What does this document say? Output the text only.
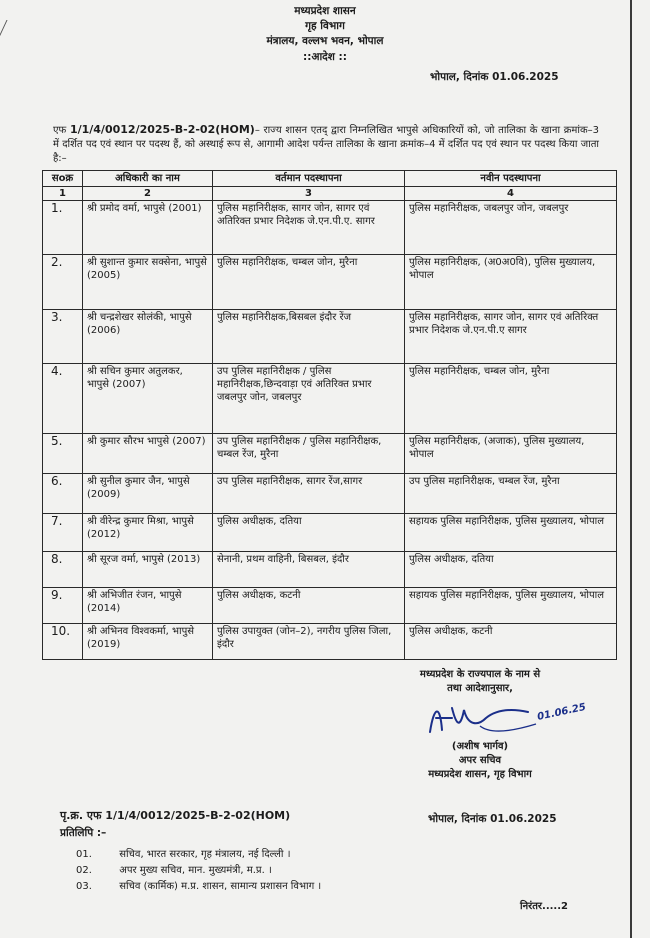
मध्यप्रदेश शासन
गृह विभाग
मंत्रालय, वल्लभ भवन, भोपाल
::आदेश ::
भोपाल, दिनांक 01.06.2025
एफ 1/1/4/0012/2025-B-2-02(HOM)– राज्य शासन एतद् द्वारा निम्नलिखित भापुसे अधिकारियों को, जो तालिका के खाना क्रमांक–3 में दर्शित पद एवं स्थान पर पदस्थ हैं, को अस्थाई रूप से, आगामी आदेश पर्यन्त तालिका के खाना क्रमांक–4 में दर्शित पद एवं स्थान पर पदस्थ किया जाता है:–
सoक्र	अधिकारी का नाम	वर्तमान पदस्थापना	नवीन पदस्थापना
1	2	3	4
1.	श्री प्रमोद वर्मा, भापुसे (2001)	पुलिस महानिरीक्षक, सागर जोन, सागर एवं अतिरिक्त प्रभार निदेशक जे.एन.पी.ए. सागर	पुलिस महानिरीक्षक, जबलपुर जोन, जबलपुर
2.	श्री सुशान्त कुमार सक्सेना, भापुसे (2005)	पुलिस महानिरीक्षक, चम्बल जोन, मुरैना	पुलिस महानिरीक्षक, (अ0अ0वि), पुलिस मुख्यालय, भोपाल
3.	श्री चन्द्रशेखर सोलंकी, भापुसे (2006)	पुलिस महानिरीक्षक,बिसबल इंदौर रेंज	पुलिस महानिरीक्षक, सागर जोन, सागर एवं अतिरिक्त प्रभार निदेशक जे.एन.पी.ए सागर
4.	श्री सचिन कुमार अतुलकर, भापुसे (2007)	उप पुलिस महानिरीक्षक / पुलिस महानिरीक्षक,छिन्दवाड़ा एवं अतिरिक्त प्रभार जबलपुर जोन, जबलपुर	पुलिस महानिरीक्षक, चम्बल जोन, मुरैना
5.	श्री कुमार सौरभ भापुसे (2007)	उप पुलिस महानिरीक्षक / पुलिस महानिरीक्षक, चम्बल रेंज, मुरैना	पुलिस महानिरीक्षक, (अजाक), पुलिस मुख्यालय, भोपाल
6.	श्री सुनील कुमार जैन, भापुसे (2009)	उप पुलिस महानिरीक्षक, सागर रेंज,सागर	उप पुलिस महानिरीक्षक, चम्बल रेंज, मुरैना
7.	श्री वीरेन्द्र कुमार मिश्रा, भापुसे (2012)	पुलिस अधीक्षक, दतिया	सहायक पुलिस महानिरीक्षक, पुलिस मुख्यालय, भोपाल
8.	श्री सूरज वर्मा, भापुसे (2013)	सेनानी, प्रथम वाहिनी, बिसबल, इंदौर	पुलिस अधीक्षक, दतिया
9.	श्री अभिजीत रंजन, भापुसे (2014)	पुलिस अधीक्षक, कटनी	सहायक पुलिस महानिरीक्षक, पुलिस मुख्यालय, भोपाल
10.	श्री अभिनव विश्वकर्मा, भापुसे (2019)	पुलिस उपायुक्त (जोन–2), नगरीय पुलिस जिला, इंदौर	पुलिस अधीक्षक, कटनी
मध्यप्रदेश के राज्यपाल के नाम से
तथा आदेशानुसार,
01.06.25
(अशीष भार्गव)
अपर सचिव
मध्यप्रदेश शासन, गृह विभाग
पृ.क्र. एफ 1/1/4/0012/2025-B-2-02(HOM)	भोपाल, दिनांक 01.06.2025
प्रतिलिपि :–
01.	सचिव, भारत सरकार, गृह मंत्रालय, नई दिल्ली ।
02.	अपर मुख्य सचिव, मान. मुख्यमंत्री, म.प्र. ।
03.	सचिव (कार्मिक) म.प्र. शासन, सामान्य प्रशासन विभाग ।
निरंतर.....2
